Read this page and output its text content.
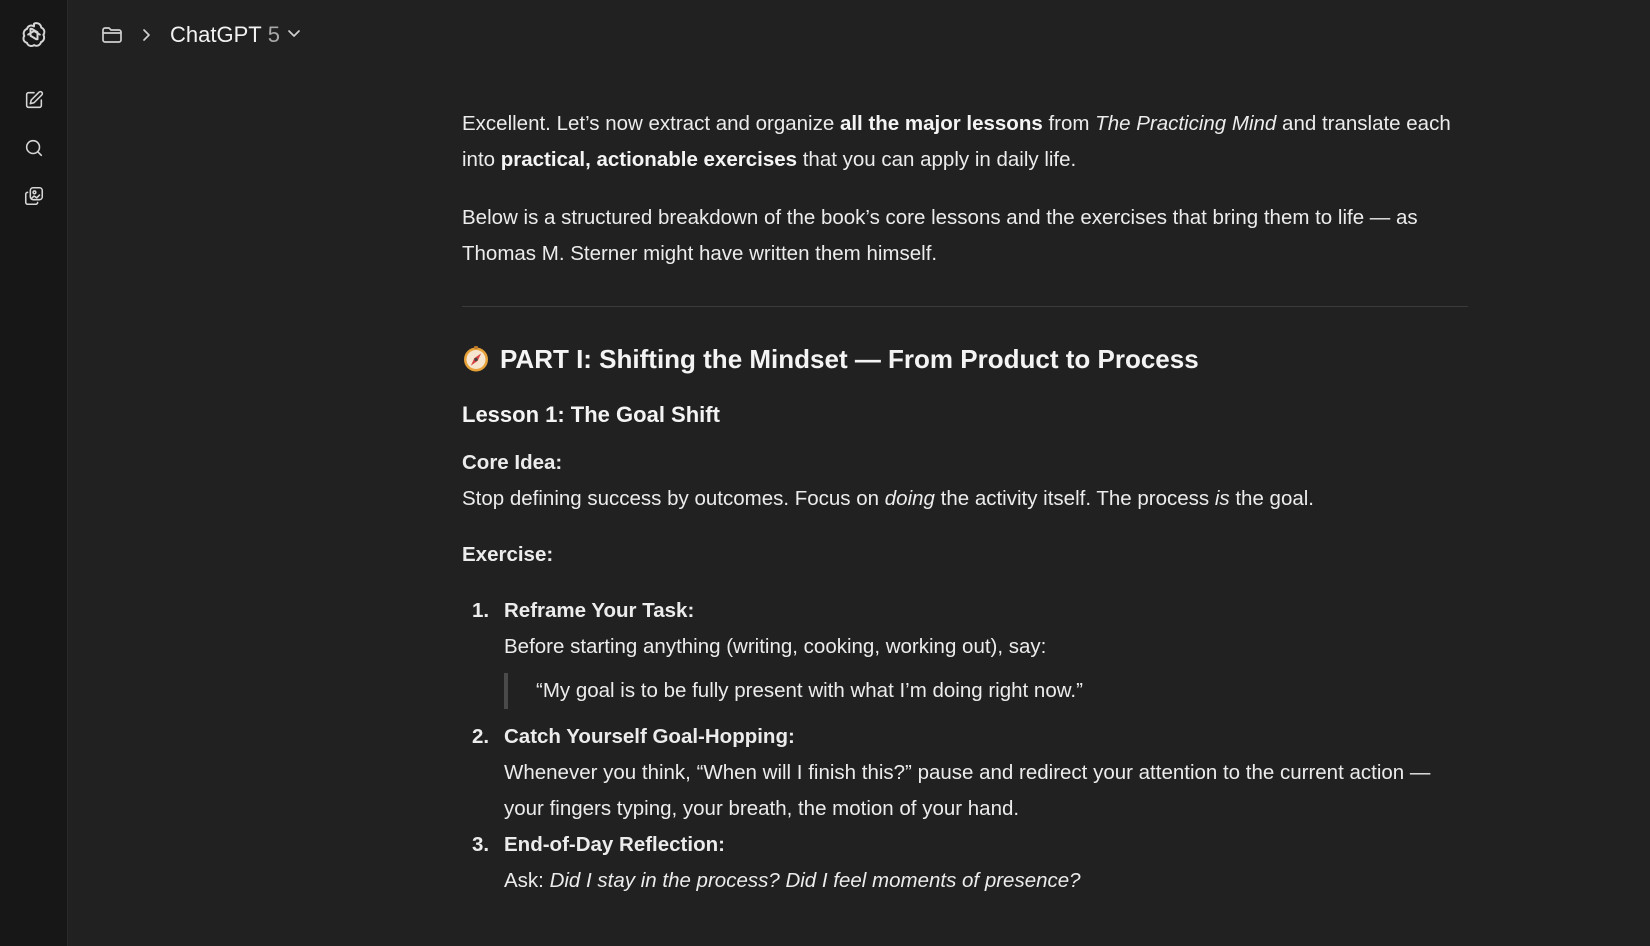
ChatGPT 5

Excellent. Let’s now extract and organize all the major lessons from The Practicing Mind and translate each into practical, actionable exercises that you can apply in daily life.

Below is a structured breakdown of the book’s core lessons and the exercises that bring them to life — as Thomas M. Sterner might have written them himself.

PART I: Shifting the Mindset — From Product to Process
Lesson 1: The Goal Shift

Core Idea:

Stop defining success by outcomes. Focus on doing the activity itself. The process is the goal.

Exercise:

1. Reframe Your Task:
Before starting anything (writing, cooking, working out), say:
“My goal is to be fully present with what I’m doing right now.”
2. Catch Yourself Goal-Hopping:
Whenever you think, “When will I finish this?” pause and redirect your attention to the current action — your fingers typing, your breath, the motion of your hand.
3. End-of-Day Reflection:
Ask: Did I stay in the process? Did I feel moments of presence?
